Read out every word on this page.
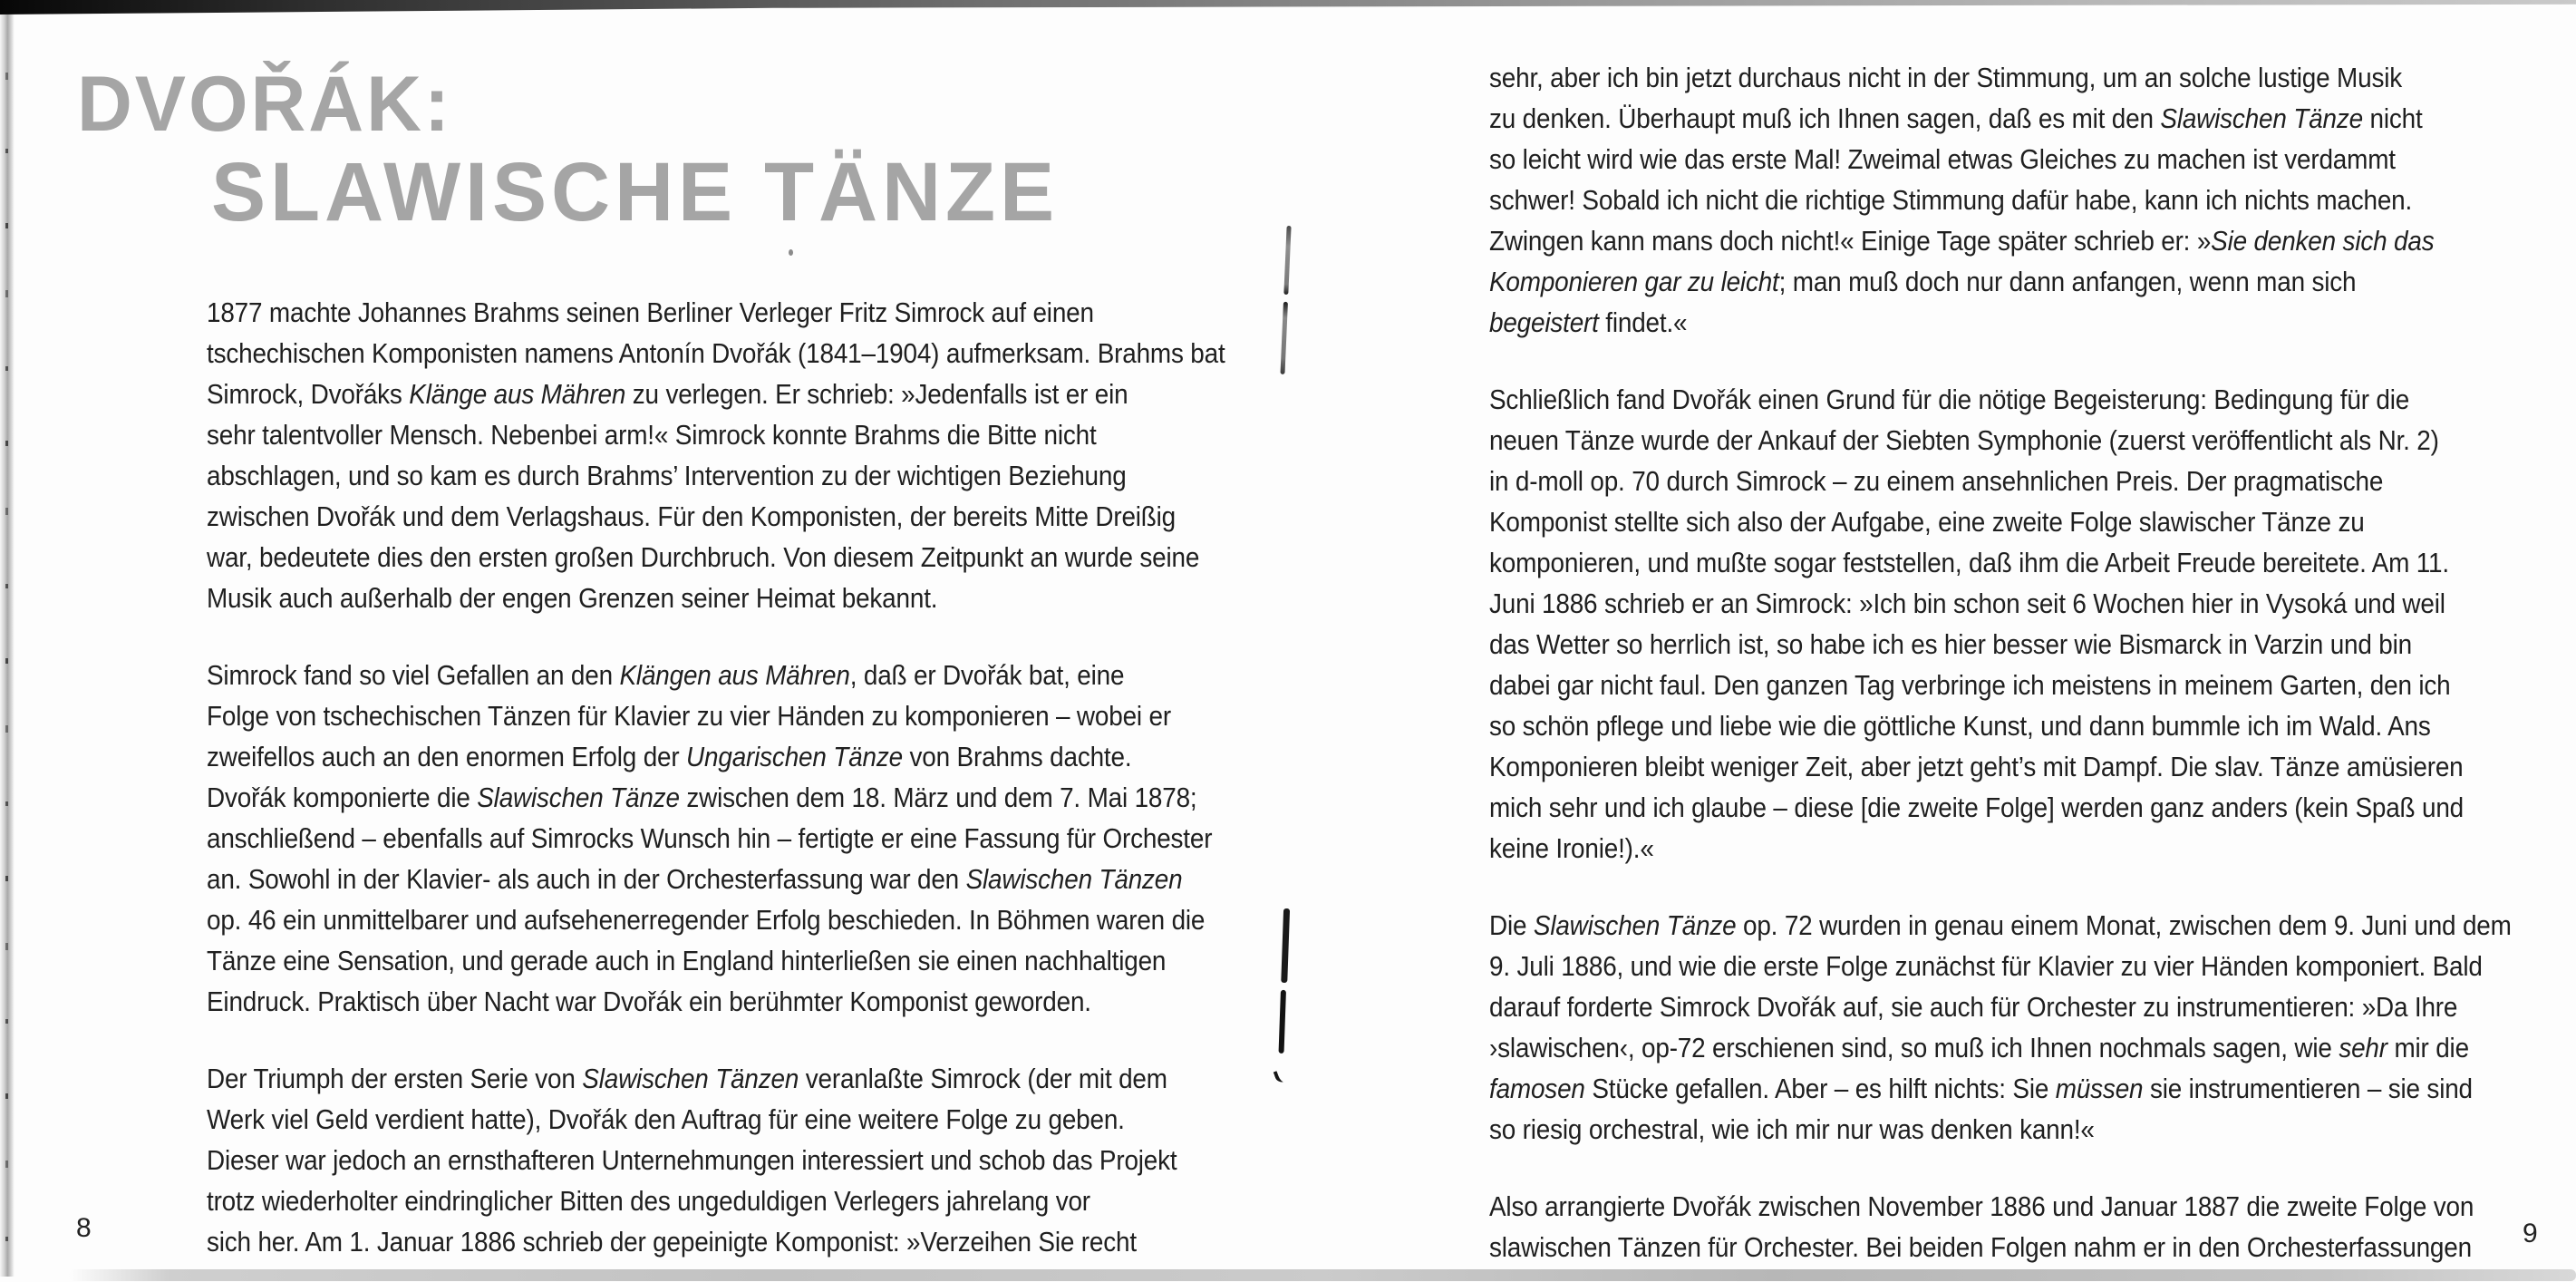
DVOŘÁK:
SLAWISCHE TÄNZE
1877 machte Johannes Brahms seinen Berliner Verleger Fritz Simrock auf einen
tschechischen Komponisten namens Antonín Dvořák (1841–1904) aufmerksam. Brahms bat
Simrock, Dvořáks Klänge aus Mähren zu verlegen. Er schrieb: »Jedenfalls ist er ein
sehr talentvoller Mensch. Nebenbei arm!« Simrock konnte Brahms die Bitte nicht
abschlagen, und so kam es durch Brahms’ Intervention zu der wichtigen Beziehung
zwischen Dvořák und dem Verlagshaus. Für den Komponisten, der bereits Mitte Dreißig
war, bedeutete dies den ersten großen Durchbruch. Von diesem Zeitpunkt an wurde seine
Musik auch außerhalb der engen Grenzen seiner Heimat bekannt.
Simrock fand so viel Gefallen an den Klängen aus Mähren, daß er Dvořák bat, eine
Folge von tschechischen Tänzen für Klavier zu vier Händen zu komponieren – wobei er
zweifellos auch an den enormen Erfolg der Ungarischen Tänze von Brahms dachte.
Dvořák komponierte die Slawischen Tänze zwischen dem 18. März und dem 7. Mai 1878;
anschließend – ebenfalls auf Simrocks Wunsch hin – fertigte er eine Fassung für Orchester
an. Sowohl in der Klavier- als auch in der Orchesterfassung war den Slawischen Tänzen
op. 46 ein unmittelbarer und aufsehenerregender Erfolg beschieden. In Böhmen waren die
Tänze eine Sensation, und gerade auch in England hinterließen sie einen nachhaltigen
Eindruck. Praktisch über Nacht war Dvořák ein berühmter Komponist geworden.
Der Triumph der ersten Serie von Slawischen Tänzen veranlaßte Simrock (der mit dem
Werk viel Geld verdient hatte), Dvořák den Auftrag für eine weitere Folge zu geben.
Dieser war jedoch an ernsthafteren Unternehmungen interessiert und schob das Projekt
trotz wiederholter eindringlicher Bitten des ungeduldigen Verlegers jahrelang vor
sich her. Am 1. Januar 1886 schrieb der gepeinigte Komponist: »Verzeihen Sie recht
8
sehr, aber ich bin jetzt durchaus nicht in der Stimmung, um an solche lustige Musik
zu denken. Überhaupt muß ich Ihnen sagen, daß es mit den Slawischen Tänze nicht
so leicht wird wie das erste Mal! Zweimal etwas Gleiches zu machen ist verdammt
schwer! Sobald ich nicht die richtige Stimmung dafür habe, kann ich nichts machen.
Zwingen kann mans doch nicht!« Einige Tage später schrieb er: »Sie denken sich das
Komponieren gar zu leicht; man muß doch nur dann anfangen, wenn man sich
begeistert findet.«
Schließlich fand Dvořák einen Grund für die nötige Begeisterung: Bedingung für die
neuen Tänze wurde der Ankauf der Siebten Symphonie (zuerst veröffentlicht als Nr. 2)
in d-moll op. 70 durch Simrock – zu einem ansehnlichen Preis. Der pragmatische
Komponist stellte sich also der Aufgabe, eine zweite Folge slawischer Tänze zu
komponieren, und mußte sogar feststellen, daß ihm die Arbeit Freude bereitete. Am 11.
Juni 1886 schrieb er an Simrock: »Ich bin schon seit 6 Wochen hier in Vysoká und weil
das Wetter so herrlich ist, so habe ich es hier besser wie Bismarck in Varzin und bin
dabei gar nicht faul. Den ganzen Tag verbringe ich meistens in meinem Garten, den ich
so schön pflege und liebe wie die göttliche Kunst, und dann bummle ich im Wald. Ans
Komponieren bleibt weniger Zeit, aber jetzt geht’s mit Dampf. Die slav. Tänze amüsieren
mich sehr und ich glaube – diese [die zweite Folge] werden ganz anders (kein Spaß und
keine Ironie!).«
Die Slawischen Tänze op. 72 wurden in genau einem Monat, zwischen dem 9. Juni und dem
9. Juli 1886, und wie die erste Folge zunächst für Klavier zu vier Händen komponiert. Bald
darauf forderte Simrock Dvořák auf, sie auch für Orchester zu instrumentieren: »Da Ihre
›slawischen‹, op-72 erschienen sind, so muß ich Ihnen nochmals sagen, wie sehr mir die
famosen Stücke gefallen. Aber – es hilft nichts: Sie müssen sie instrumentieren – sie sind
so riesig orchestral, wie ich mir nur was denken kann!«
Also arrangierte Dvořák zwischen November 1886 und Januar 1887 die zweite Folge von
slawischen Tänzen für Orchester. Bei beiden Folgen nahm er in den Orchesterfassungen	9
